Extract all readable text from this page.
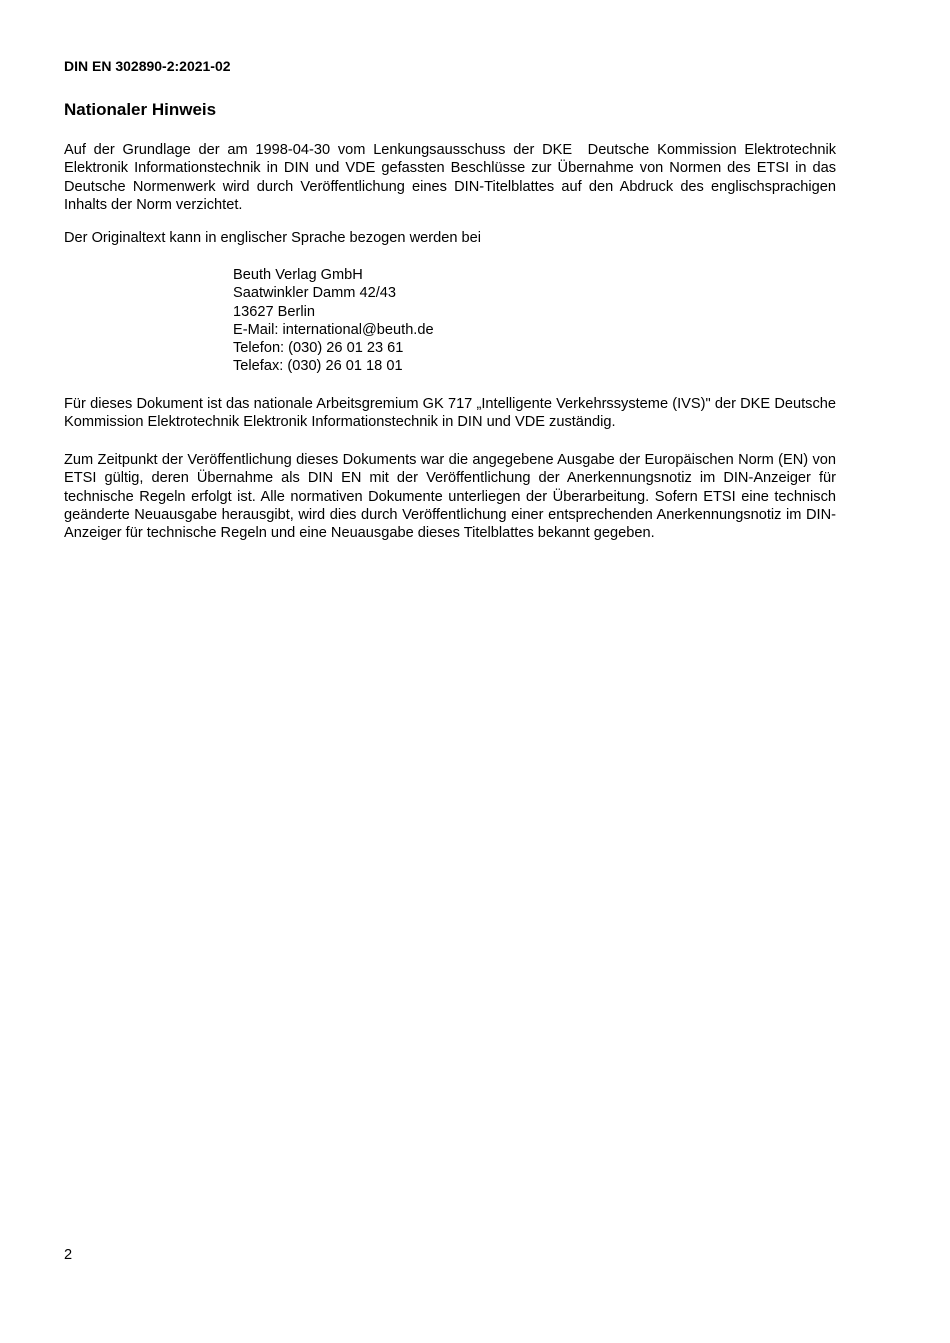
DIN EN 302890-2:2021-02
Nationaler Hinweis

Auf der Grundlage der am 1998-04-30 vom Lenkungsausschuss der DKE  Deutsche Kommission Elektrotechnik Elektronik Informationstechnik in DIN und VDE gefassten Beschlüsse zur Übernahme von Normen des ETSI in das Deutsche Normenwerk wird durch Veröffentlichung eines DIN-Titelblattes auf den Abdruck des englischsprachigen Inhalts der Norm verzichtet.

Der Originaltext kann in englischer Sprache bezogen werden bei

Beuth Verlag GmbH
Saatwinkler Damm 42/43
13627 Berlin
E-Mail: international@beuth.de
Telefon: (030) 26 01 23 61
Telefax: (030) 26 01 18 01

Für dieses Dokument ist das nationale Arbeitsgremium GK 717 „Intelligente Verkehrssysteme (IVS)" der DKE Deutsche Kommission Elektrotechnik Elektronik Informationstechnik in DIN und VDE zuständig.

Zum Zeitpunkt der Veröffentlichung dieses Dokuments war die angegebene Ausgabe der Europäischen Norm (EN) von ETSI gültig, deren Übernahme als DIN EN mit der Veröffentlichung der Anerkennungsnotiz im DIN-Anzeiger für technische Regeln erfolgt ist. Alle normativen Dokumente unterliegen der Überarbeitung. Sofern ETSI eine technisch geänderte Neuausgabe herausgibt, wird dies durch Veröffentlichung einer entsprechenden Anerkennungsnotiz im DIN-Anzeiger für technische Regeln und eine Neuausgabe dieses Titelblattes bekannt gegeben.

2
